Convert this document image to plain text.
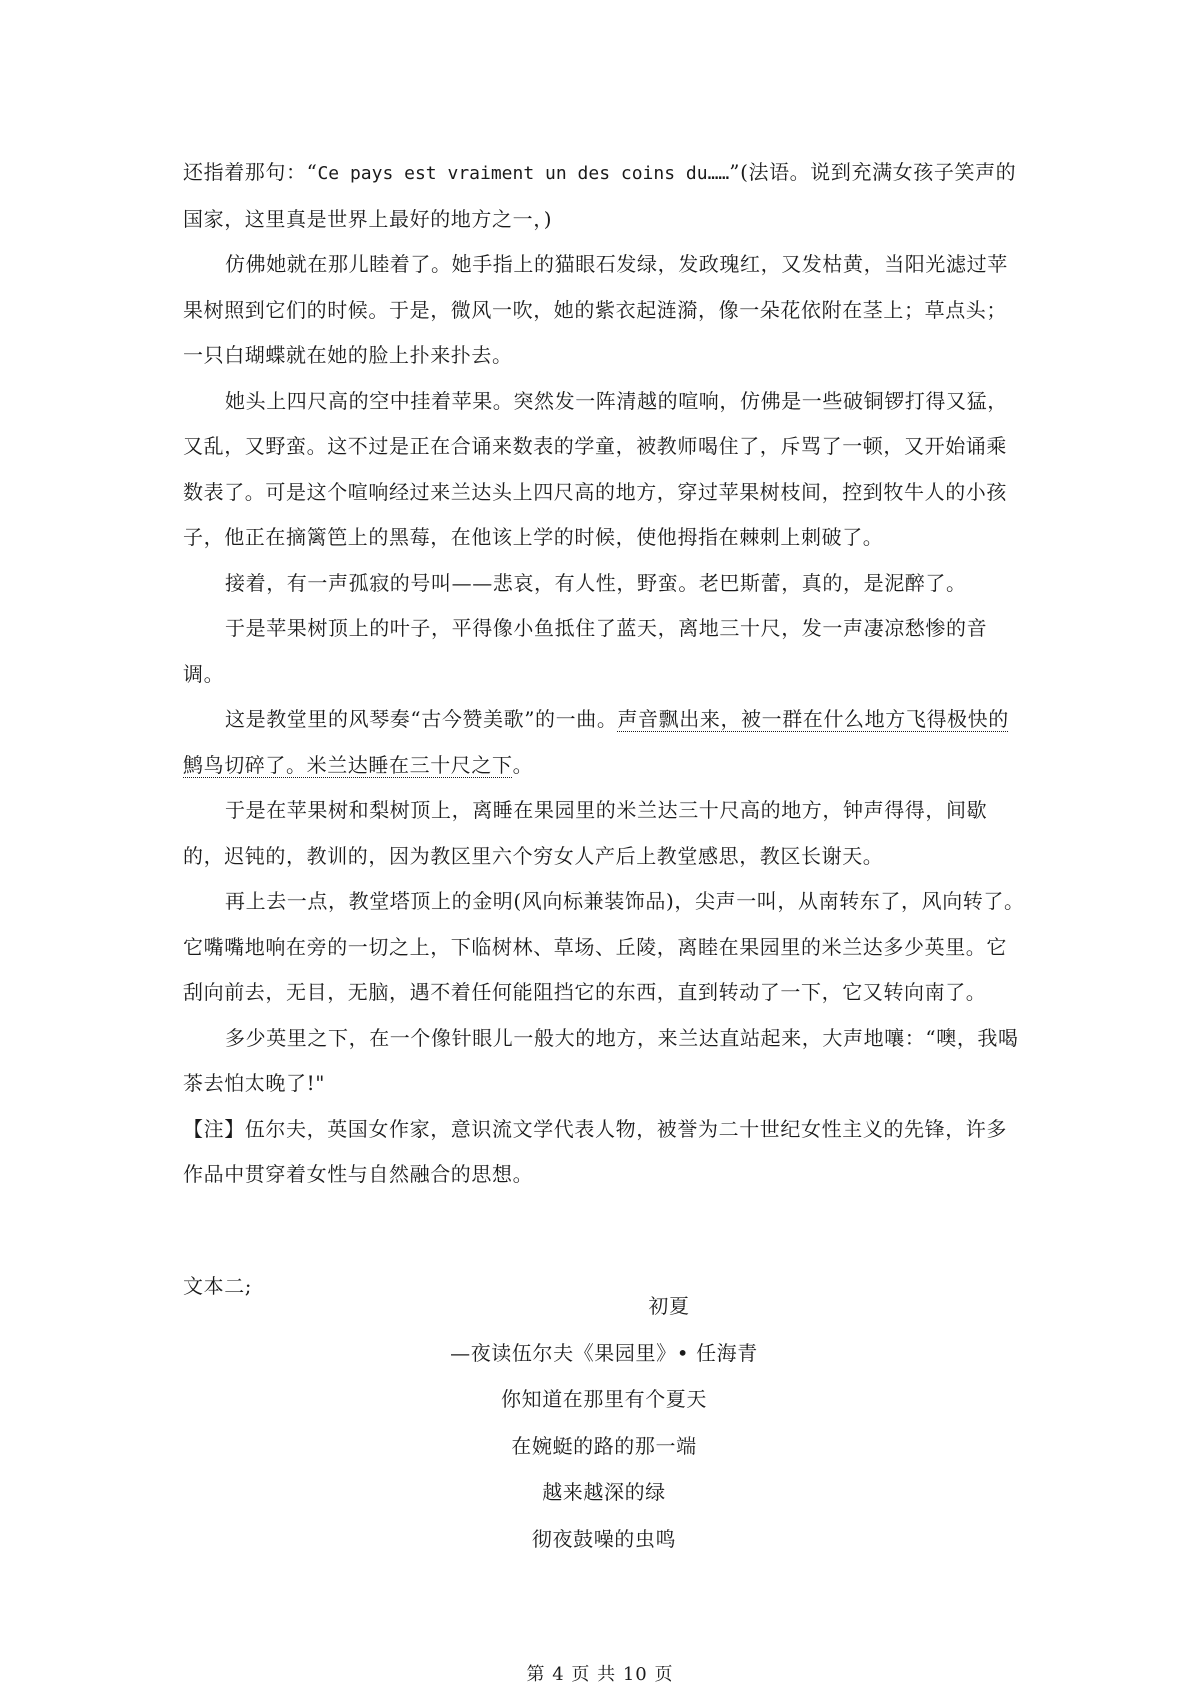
还指着那句：“Ce pays est vraiment un des coins du……”(法语。说到充满女孩子笑声的国家，这里真是世界上最好的地方之一，)

仿佛她就在那儿睦着了。她手指上的猫眼石发绿，发政瑰红，又发枯黄，当阳光滤过苹果树照到它们的时候。于是，微风一吹，她的紫衣起涟漪，像一朵花依附在茎上；草点头；一只白瑚蝶就在她的脸上扑来扑去。

她头上四尺高的空中挂着苹果。突然发一阵清越的喧响，仿佛是一些破铜锣打得又猛，又乱，又野蛮。这不过是正在合诵来数表的学童，被教师喝住了，斥骂了一顿，又开始诵乘数表了。可是这个喧响经过来兰达头上四尺高的地方，穿过苹果树枝间，控到牧牛人的小孩子，他正在摘篱笆上的黑莓，在他该上学的时候，使他拇指在棘刺上刺破了。

接着，有一声孤寂的号叫——悲哀，有人性，野蛮。老巴斯蕾，真的，是泥醉了。

于是苹果树顶上的叶子，平得像小鱼抵住了蓝天，离地三十尺，发一声凄凉愁惨的音调。

这是教堂里的风琴奏“古今赞美歌”的一曲。声音飘出来，被一群在什么地方飞得极快的鹪鸟切碎了。米兰达睡在三十尺之下。

于是在苹果树和梨树顶上，离睡在果园里的米兰达三十尺高的地方，钟声得得，间歇的，迟钝的，教训的，因为教区里六个穷女人产后上教堂感思，教区长谢天。

再上去一点，教堂塔顶上的金明(风向标兼装饰品)，尖声一叫，从南转东了，风向转了。它嘴嘴地响在旁的一切之上，下临树林、草场、丘陵，离睦在果园里的米兰达多少英里。它刮向前去，无目，无脑，遇不着任何能阻挡它的东西，直到转动了一下，它又转向南了。

多少英里之下，在一个像针眼儿一般大的地方，来兰达直站起来，大声地嚷：“噢，我喝茶去怕太晚了!"

【注】伍尔夫，英国女作家，意识流文学代表人物，被誉为二十世纪女性主义的先锋，许多作品中贯穿着女性与自然融合的思想。

文本二;

初夏

—夜读伍尔夫《果园里》• 任海青

你知道在那里有个夏天

在婉蜓的路的那一端

越来越深的绿

彻夜鼓噪的虫鸣

第 4 页 共 10 页
